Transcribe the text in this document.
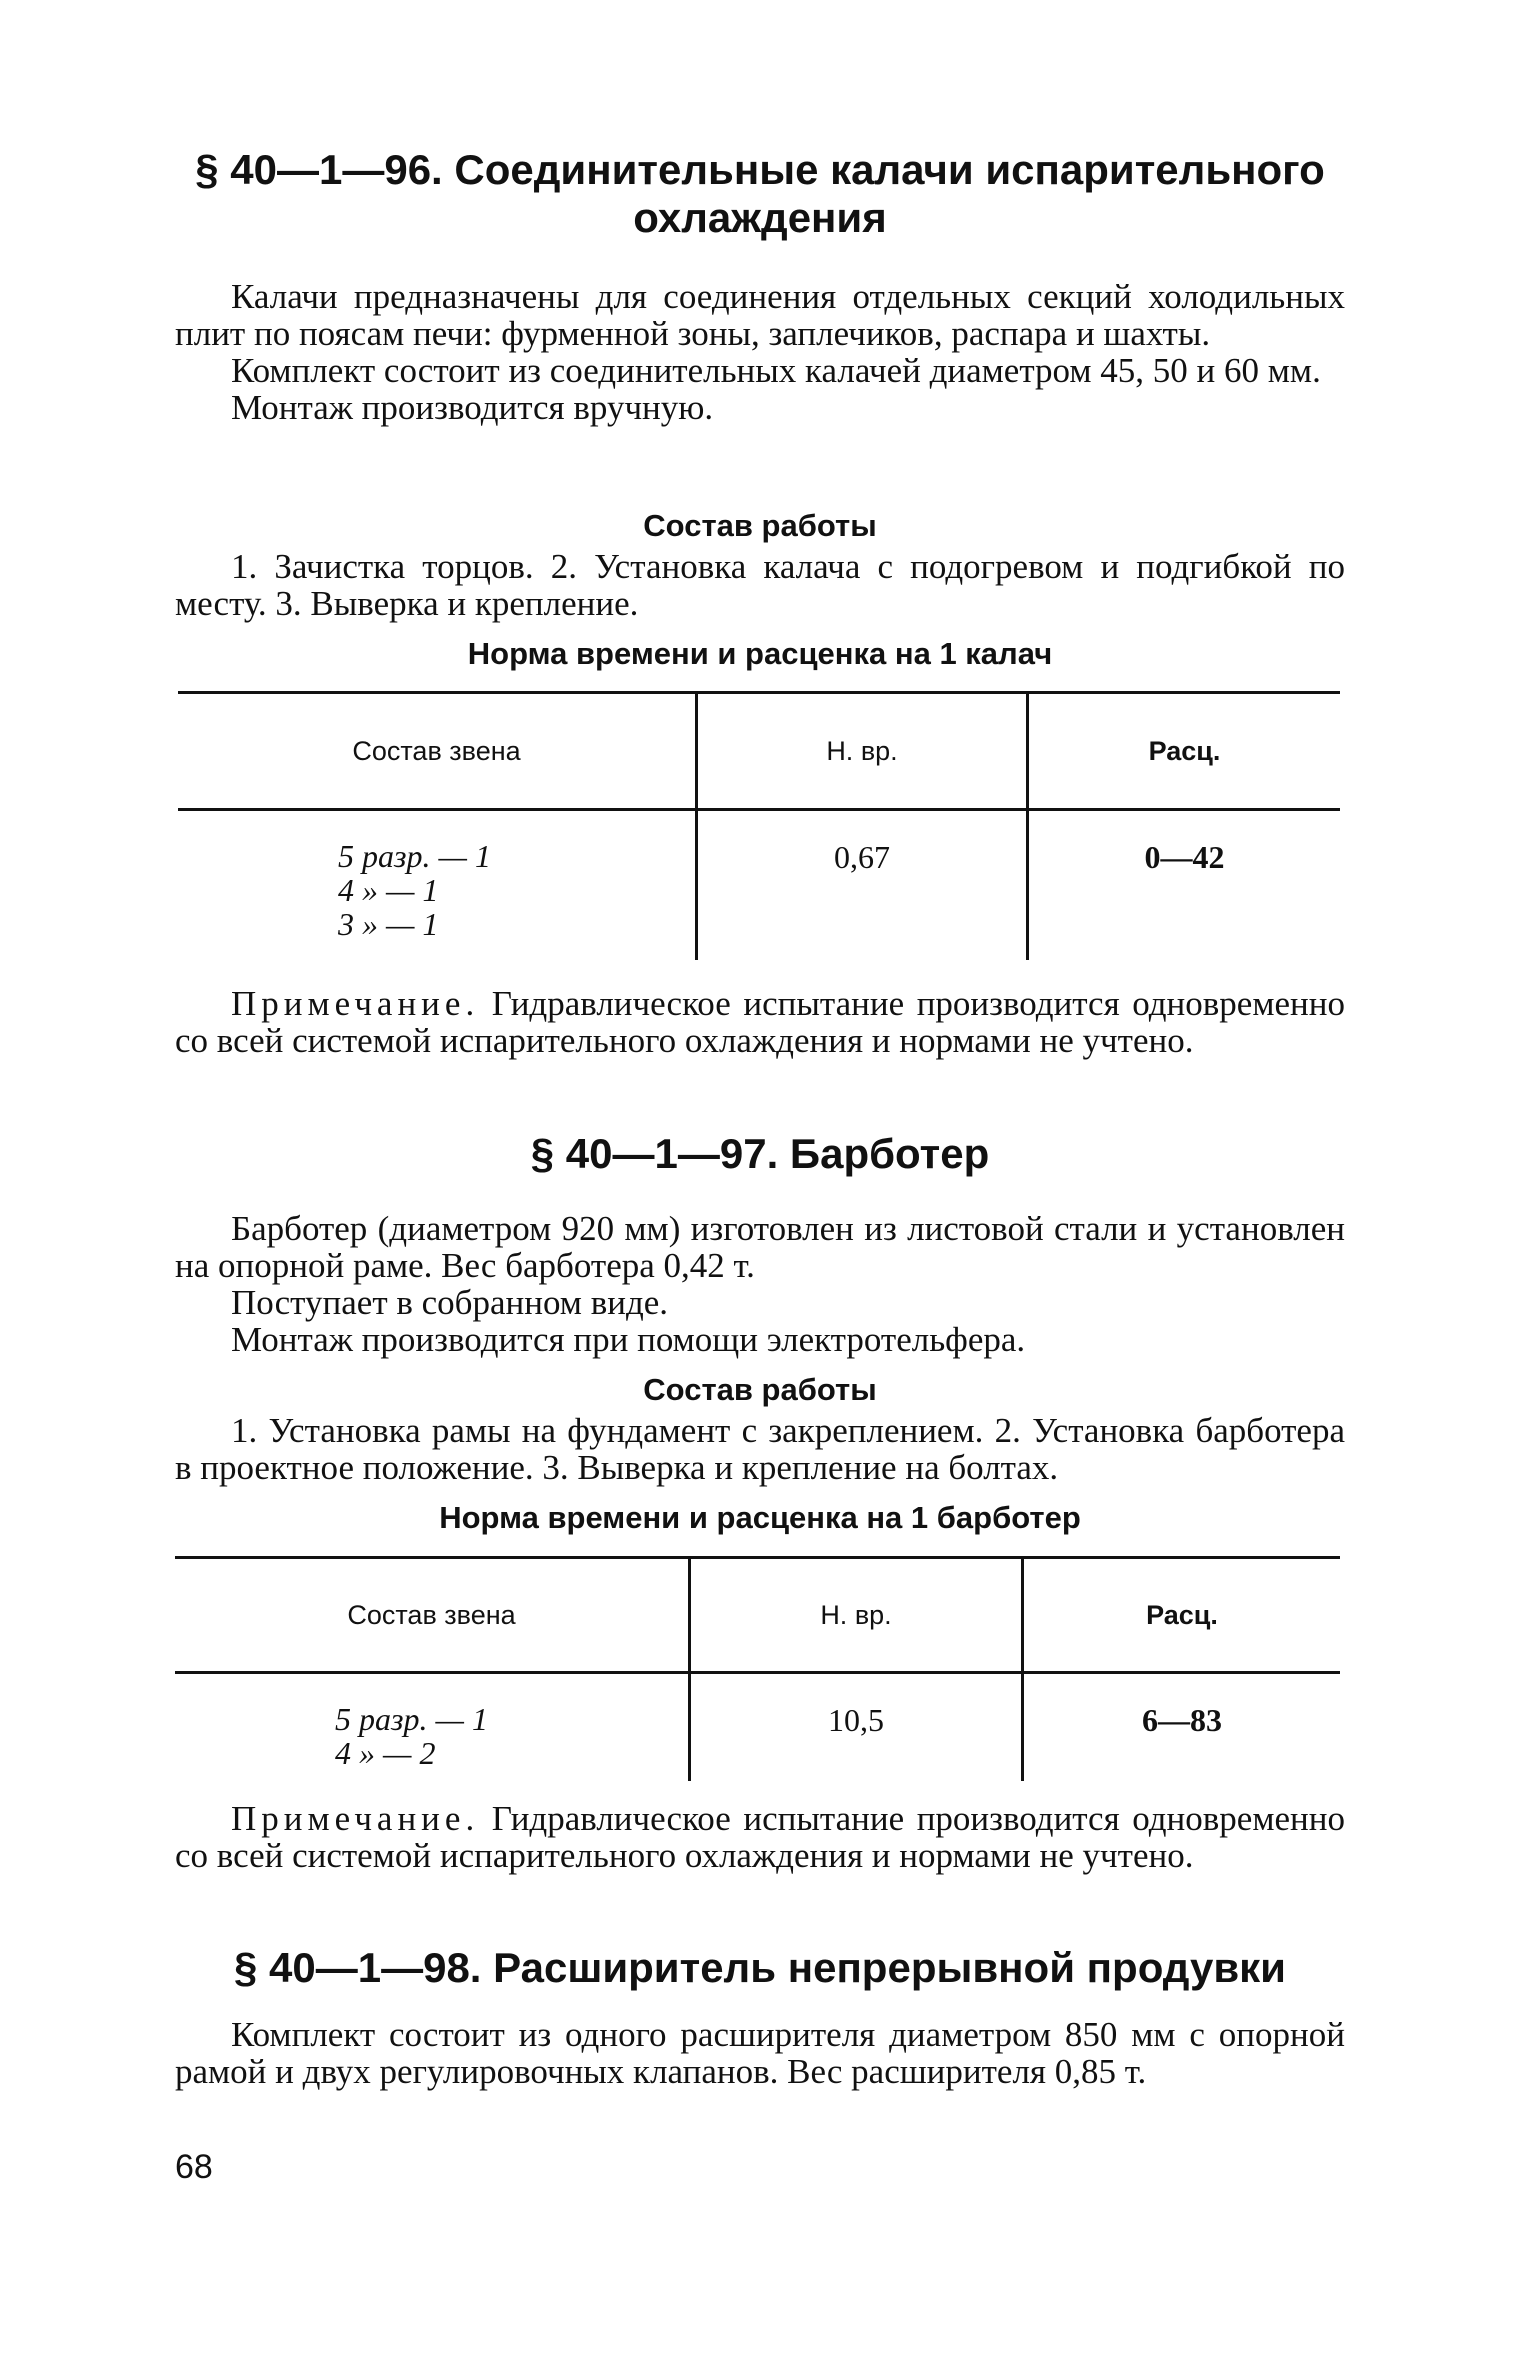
§ 40—1—96. Соединительные калачи испарительного
охлаждения

Калачи предназначены для соединения отдельных секций холодильных плит по поясам печи: фурменной зоны, заплечиков, распара и шахты.

Комплект состоит из соединительных калачей диаметром 45, 50 и 60 мм.

Монтаж производится вручную.

Состав работы

1. Зачистка торцов. 2. Установка калача с подогревом и подгибкой по месту. 3. Выверка и крепление.

Норма времени и расценка на 1 калач
Состав звена	Н. вр.	Расц.

5 разр. — 1
4 » — 1
3 » — 1	0,67	0—42

Примечание. Гидравлическое испытание производится одновременно со всей системой испарительного охлаждения и нормами не учтено.

§ 40—1—97. Барботер

Барботер (диаметром 920 мм) изготовлен из листовой стали и установлен на опорной раме. Вес барботера 0,42 т.

Поступает в собранном виде.

Монтаж производится при помощи электротельфера.

Состав работы

1. Установка рамы на фундамент с закреплением. 2. Установка барботера в проектное положение. 3. Выверка и крепление на болтах.

Норма времени и расценка на 1 барботер
Состав звена	Н. вр.	Расц.

5 разр. — 1
4 » — 2	10,5	6—83

Примечание. Гидравлическое испытание производится одновременно со всей системой испарительного охлаждения и нормами не учтено.

§ 40—1—98. Расширитель непрерывной продувки

Комплект состоит из одного расширителя диаметром 850 мм с опорной рамой и двух регулировочных клапанов. Вес расширителя 0,85 т.

68
